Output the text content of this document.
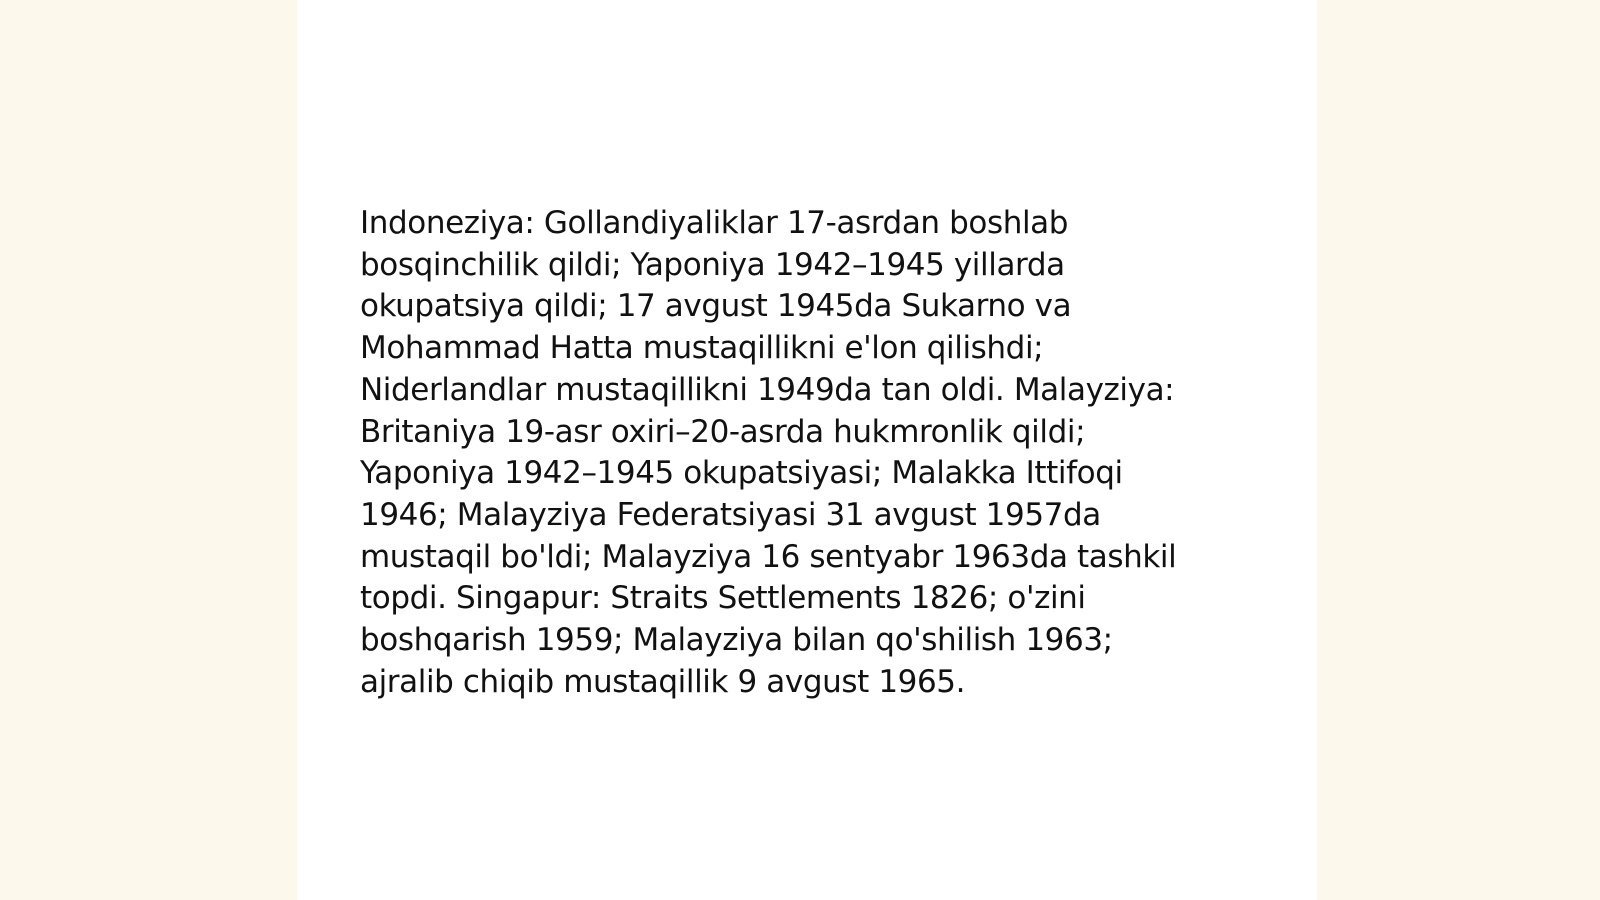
Indoneziya: Gollandiyaliklar 17-asrdan boshlab
bosqinchilik qildi; Yaponiya 1942–1945 yillarda
okupatsiya qildi; 17 avgust 1945da Sukarno va
Mohammad Hatta mustaqillikni e'lon qilishdi;
Niderlandlar mustaqillikni 1949da tan oldi. Malayziya:
Britaniya 19-asr oxiri–20-asrda hukmronlik qildi;
Yaponiya 1942–1945 okupatsiyasi; Malakka Ittifoqi
1946; Malayziya Federatsiyasi 31 avgust 1957da
mustaqil bo'ldi; Malayziya 16 sentyabr 1963da tashkil
topdi. Singapur: Straits Settlements 1826; o'zini
boshqarish 1959; Malayziya bilan qo'shilish 1963;
ajralib chiqib mustaqillik 9 avgust 1965.
